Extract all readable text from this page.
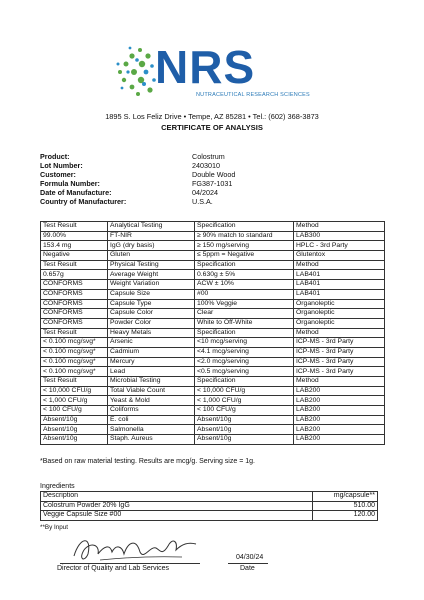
NRS
NUTRACEUTICAL RESEARCH SCIENCES
1895 S. Los Feliz Drive • Tempe, AZ 85281 • Tel.: (602) 368-3873
CERTIFICATE OF ANALYSIS
Product:	Colostrum
Lot Number:	2403010
Customer:	Double Wood
Formula Number:	FG387-1031
Date of Manufacture:	04/2024
Country of Manufacturer:	U.S.A.
Test Result	Analytical Testing	Specification	Method
99.00%	FT-NIR	≥ 90% match to standard	LAB300
153.4 mg	IgG (dry basis)	≥ 150 mg/serving	HPLC - 3rd Party
Negative	Gluten	≤ 5ppm = Negative	Glutentox
Test Result	Physical Testing	Specification	Method
0.657g	Average Weight	0.630g ± 5%	LAB401
CONFORMS	Weight Variation	ACW ± 10%	LAB401
CONFORMS	Capsule Size	#00	LAB401
CONFORMS	Capsule Type	100% Veggie	Organoleptic
CONFORMS	Capsule Color	Clear	Organoleptic
CONFORMS	Powder Color	White to Off-White	Organoleptic
Test Result	Heavy Metals	Specification	Method
< 0.100 mcg/svg*	Arsenic	<10 mcg/serving	ICP-MS - 3rd Party
< 0.100 mcg/svg*	Cadmium	<4.1 mcg/serving	ICP-MS - 3rd Party
< 0.100 mcg/svg*	Mercury	<2.0 mcg/serving	ICP-MS - 3rd Party
< 0.100 mcg/svg*	Lead	<0.5 mcg/serving	ICP-MS - 3rd Party
Test Result	Microbial Testing	Specification	Method
< 10,000 CFU/g	Total Viable Count	< 10,000 CFU/g	LAB200
< 1,000 CFU/g	Yeast & Mold	< 1,000 CFU/g	LAB200
< 100 CFU/g	Coliforms	< 100 CFU/g	LAB200
Absent/10g	E. coli	Absent/10g	LAB200
Absent/10g	Salmonella	Absent/10g	LAB200
Absent/10g	Staph. Aureus	Absent/10g	LAB200
*Based on raw material testing. Results are mcg/g. Serving size = 1g.
Ingredients
Description	mg/capsule**
Colostrum Powder 20% IgG	510.00
Veggie Capsule Size #00	120.00
**By Input
Director of Quality and Lab Services
04/30/24
Date
